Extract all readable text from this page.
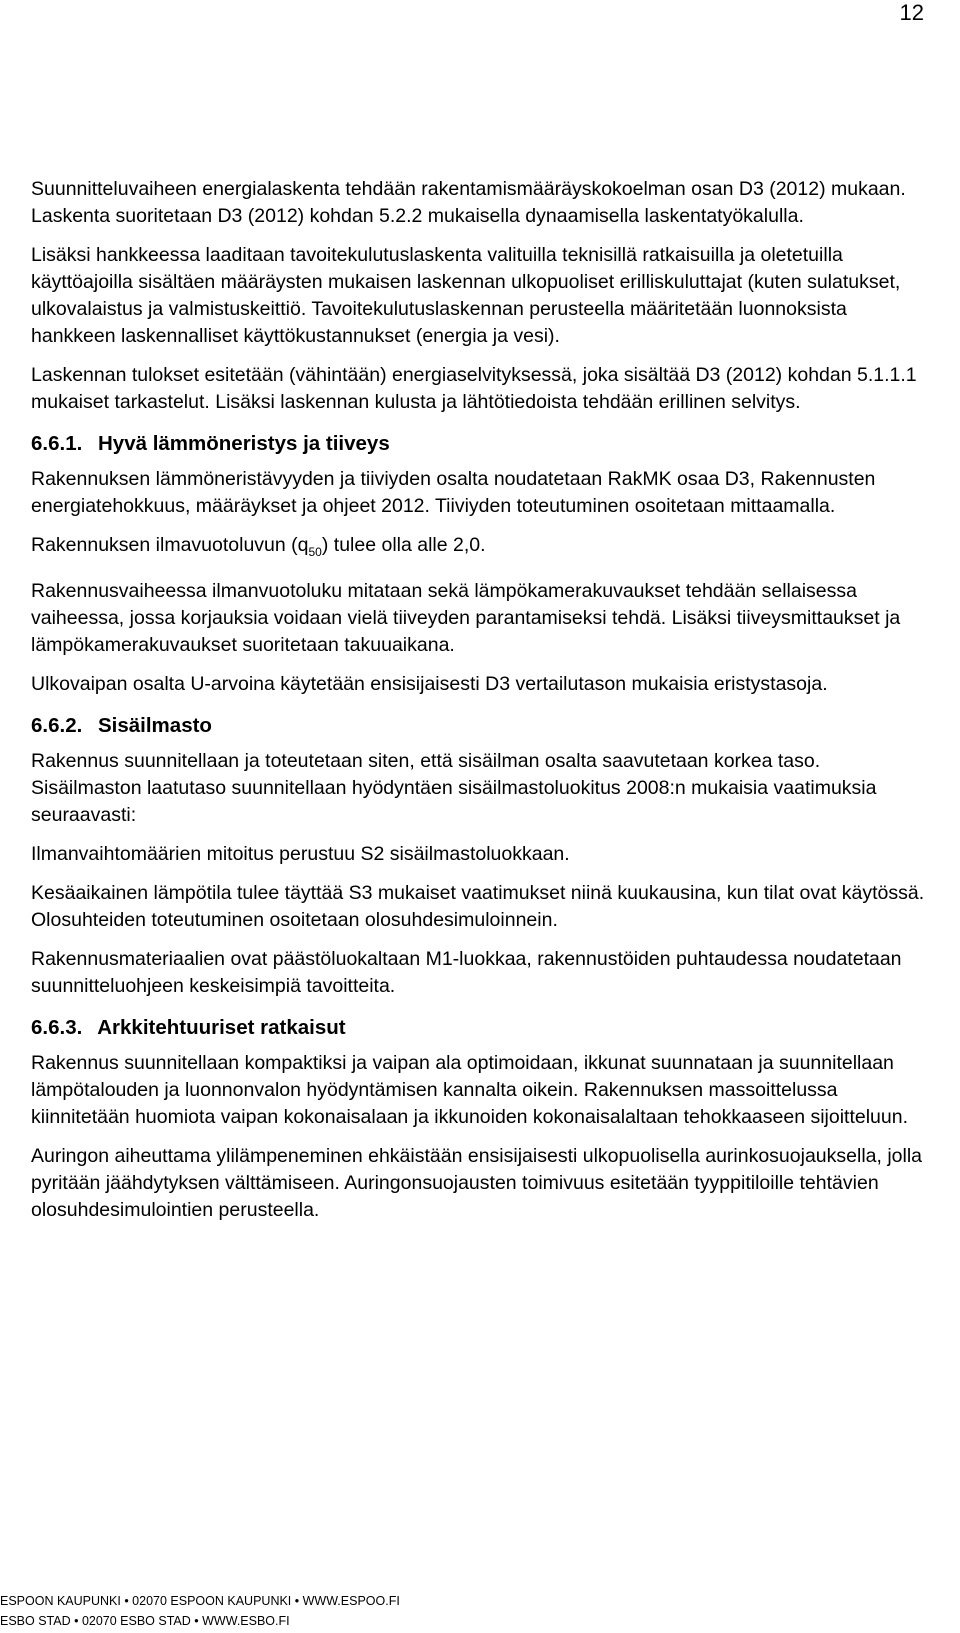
12

Suunnitteluvaiheen energialaskenta tehdään rakentamismääräyskokoelman osan D3 (2012) mukaan. Laskenta suoritetaan D3 (2012) kohdan 5.2.2 mukaisella dynaamisella laskentatyökalulla.

Lisäksi hankkeessa laaditaan tavoitekulutuslaskenta valituilla teknisillä ratkaisuilla ja oletetuilla käyttöajoilla sisältäen määräysten mukaisen laskennan ulkopuoliset erilliskuluttajat (kuten sulatukset, ulkovalaistus ja valmistuskeittiö. Tavoitekulutuslaskennan perusteella määritetään luonnoksista hankkeen laskennalliset käyttökustannukset (energia ja vesi).

Laskennan tulokset esitetään (vähintään) energiaselvityksessä, joka sisältää D3 (2012) kohdan 5.1.1.1 mukaiset tarkastelut. Lisäksi laskennan kulusta ja lähtötiedoista tehdään erillinen selvitys.

6.6.1. Hyvä lämmöneristys ja tiiveys

Rakennuksen lämmöneristävyyden ja tiiviyden osalta noudatetaan RakMK osaa D3, Rakennusten energiatehokkuus, määräykset ja ohjeet 2012. Tiiviyden toteutuminen osoitetaan mittaamalla.

Rakennuksen ilmavuotoluvun $(q_{50})$ tulee olla alle 2,0.

Rakennusvaiheessa ilmanvuotoluku mitataan sekä lämpökamerakuvaukset tehdään sellaisessa vaiheessa, jossa korjauksia voidaan vielä tiiveyden parantamiseksi tehdä. Lisäksi tiiveysmittaukset ja lämpökamerakuvaukset suoritetaan takuuaikana.

Ulkovaipan osalta U-arvoina käytetään ensisijaisesti D3 vertailutason mukaisia eristystasoja.

6.6.2. Sisäilmasto

Rakennus suunnitellaan ja toteutetaan siten, että sisäilman osalta saavutetaan korkea taso. Sisäilmaston laatutaso suunnitellaan hyödyntäen sisäilmastoluokitus 2008:n mukaisia vaatimuksia seuraavasti:

Ilmanvaihtomäärien mitoitus perustuu S2 sisäilmastoluokkaan.

Kesäaikainen lämpötila tulee täyttää S3 mukaiset vaatimukset niinä kuukausina, kun tilat ovat käytössä. Olosuhteiden toteutuminen osoitetaan olosuhdesimuloinnein.

Rakennusmateriaalien ovat päästöluokaltaan M1-luokkaa, rakennustöiden puhtaudessa noudatetaan suunnitteluohjeen keskeisimpiä tavoitteita.

6.6.3. Arkkitehtuuriset ratkaisut

Rakennus suunnitellaan kompaktiksi ja vaipan ala optimoidaan, ikkunat suunnataan ja suunnitellaan lämpötalouden ja luonnonvalon hyödyntämisen kannalta oikein. Rakennuksen massoittelussa kiinnitetään huomiota vaipan kokonaisalaan ja ikkunoiden kokonaisalaltaan tehokkaaseen sijoitteluun.

Auringon aiheuttama ylilämpeneminen ehkäistään ensisijaisesti ulkopuolisella aurinkosuojauksella, jolla pyritään jäähdytyksen välttämiseen. Auringonsuojausten toimivuus esitetään tyyppitiloille tehtävien olosuhdesimulointien perusteella.

ESPOON KAUPUNKI • 02070 ESPOON KAUPUNKI • WWW.ESPOO.FI
ESBO STAD • 02070 ESBO STAD • WWW.ESBO.FI
